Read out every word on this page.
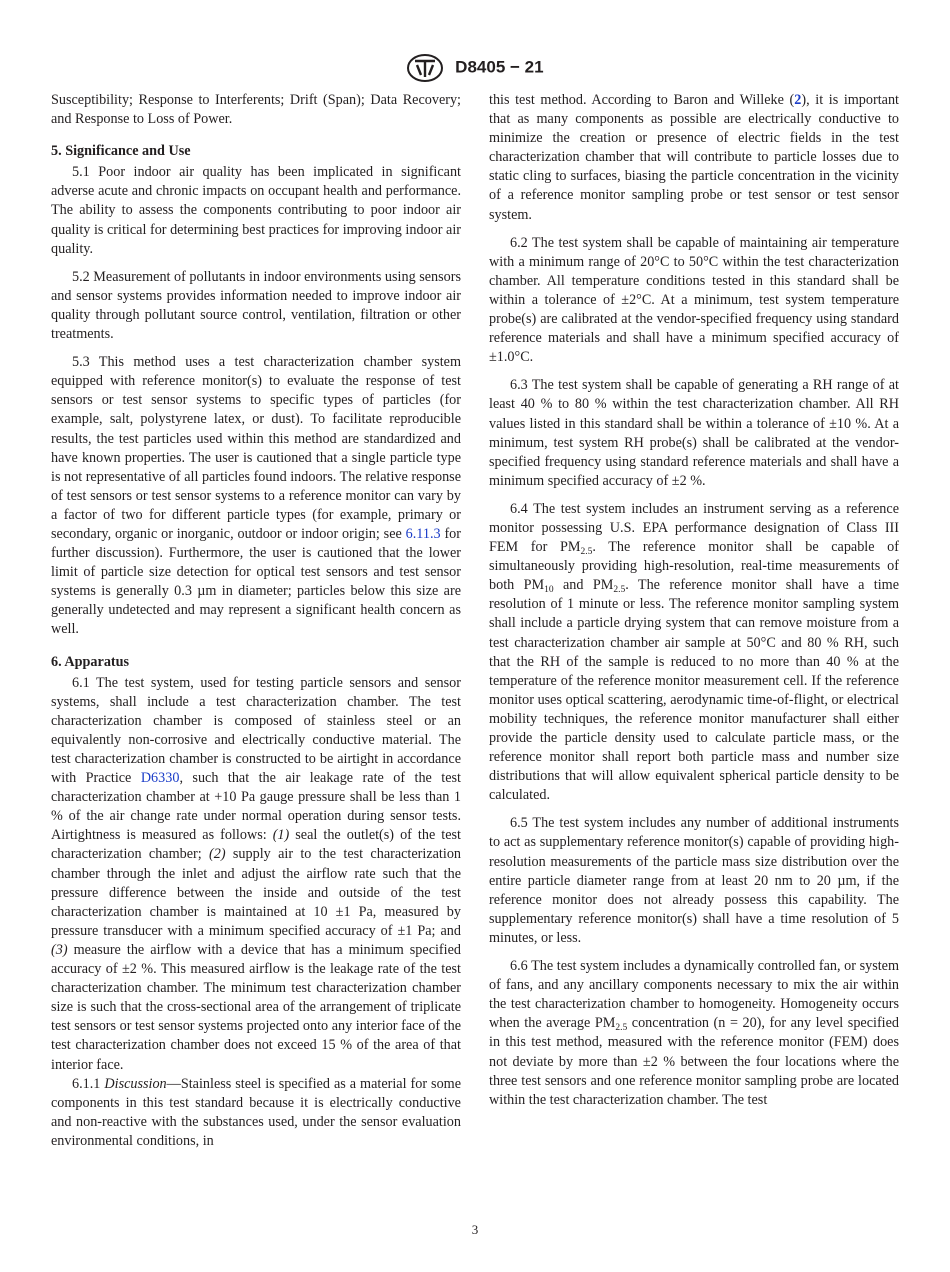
D8405 − 21

Susceptibility; Response to Interferents; Drift (Span); Data Recovery; and Response to Loss of Power.

5. Significance and Use

5.1 Poor indoor air quality has been implicated in significant adverse acute and chronic impacts on occupant health and performance. The ability to assess the components contributing to poor indoor air quality is critical for determining best practices for improving indoor air quality.

5.2 Measurement of pollutants in indoor environments using sensors and sensor systems provides information needed to improve indoor air quality through pollutant source control, ventilation, filtration or other treatments.

5.3 This method uses a test characterization chamber system equipped with reference monitor(s) to evaluate the response of test sensors or test sensor systems to specific types of particles (for example, salt, polystyrene latex, or dust). To facilitate reproducible results, the test particles used within this method are standardized and have known properties. The user is cautioned that a single particle type is not representative of all particles found indoors. The relative response of test sensors or test sensor systems to a reference monitor can vary by a factor of two for different particle types (for example, primary or secondary, organic or inorganic, outdoor or indoor origin; see 6.11.3 for further discussion). Furthermore, the user is cautioned that the lower limit of particle size detection for optical test sensors and test sensor systems is generally 0.3 µm in diameter; particles below this size are generally undetected and may represent a significant health concern as well.

6. Apparatus

6.1 The test system, used for testing particle sensors and sensor systems, shall include a test characterization chamber. The test characterization chamber is composed of stainless steel or an equivalently non-corrosive and electrically conductive material. The test characterization chamber is constructed to be airtight in accordance with Practice D6330, such that the air leakage rate of the test characterization chamber at +10 Pa gauge pressure shall be less than 1 % of the air change rate under normal operation during sensor tests. Airtightness is measured as follows: (1) seal the outlet(s) of the test characterization chamber; (2) supply air to the test characterization chamber through the inlet and adjust the airflow rate such that the pressure difference between the inside and outside of the test characterization chamber is maintained at 10 ±1 Pa, measured by pressure transducer with a minimum specified accuracy of ±1 Pa; and (3) measure the airflow with a device that has a minimum specified accuracy of ±2 %. This measured airflow is the leakage rate of the test characterization chamber. The minimum test characterization chamber size is such that the cross-sectional area of the arrangement of triplicate test sensors or test sensor systems projected onto any interior face of the test characterization chamber does not exceed 15 % of the area of that interior face.

6.1.1 Discussion—Stainless steel is specified as a material for some components in this test standard because it is electrically conductive and non-reactive with the substances used, under the sensor evaluation environmental conditions, in

this test method. According to Baron and Willeke (2), it is important that as many components as possible are electrically conductive to minimize the creation or presence of electric fields in the test characterization chamber that will contribute to particle losses due to static cling to surfaces, biasing the particle concentration in the vicinity of a reference monitor sampling probe or test sensor or test sensor system.

6.2 The test system shall be capable of maintaining air temperature with a minimum range of 20°C to 50°C within the test characterization chamber. All temperature conditions tested in this standard shall be within a tolerance of ±2°C. At a minimum, test system temperature probe(s) are calibrated at the vendor-specified frequency using standard reference materials and shall have a minimum specified accuracy of ±1.0°C.

6.3 The test system shall be capable of generating a RH range of at least 40 % to 80 % within the test characterization chamber. All RH values listed in this standard shall be within a tolerance of ±10 %. At a minimum, test system RH probe(s) shall be calibrated at the vendor-specified frequency using standard reference materials and shall have a minimum specified accuracy of ±2 %.

6.4 The test system includes an instrument serving as a reference monitor possessing U.S. EPA performance designation of Class III FEM for $PM_{2.5}$. The reference monitor shall be capable of simultaneously providing high-resolution, real-time measurements of both $PM_{10}$ and $PM_{2.5}$. The reference monitor shall have a time resolution of 1 minute or less. The reference monitor sampling system shall include a particle drying system that can remove moisture from a test characterization chamber air sample at 50°C and 80 % RH, such that the RH of the sample is reduced to no more than 40 % at the temperature of the reference monitor measurement cell. If the reference monitor uses optical scattering, aerodynamic time-of-flight, or electrical mobility techniques, the reference monitor manufacturer shall either provide the particle density used to calculate particle mass, or the reference monitor shall report both particle mass and number size distributions that will allow equivalent spherical particle density to be calculated.

6.5 The test system includes any number of additional instruments to act as supplementary reference monitor(s) capable of providing high-resolution measurements of the particle mass size distribution over the entire particle diameter range from at least 20 nm to 20 µm, if the reference monitor does not already possess this capability. The supplementary reference monitor(s) shall have a time resolution of 5 minutes, or less.

6.6 The test system includes a dynamically controlled fan, or system of fans, and any ancillary components necessary to mix the air within the test characterization chamber to homogeneity. Homogeneity occurs when the average $PM_{2.5}$ concentration (n = 20), for any level specified in this test method, measured with the reference monitor (FEM) does not deviate by more than ±2 % between the four locations where the three test sensors and one reference monitor sampling probe are located within the test characterization chamber. The test

3
